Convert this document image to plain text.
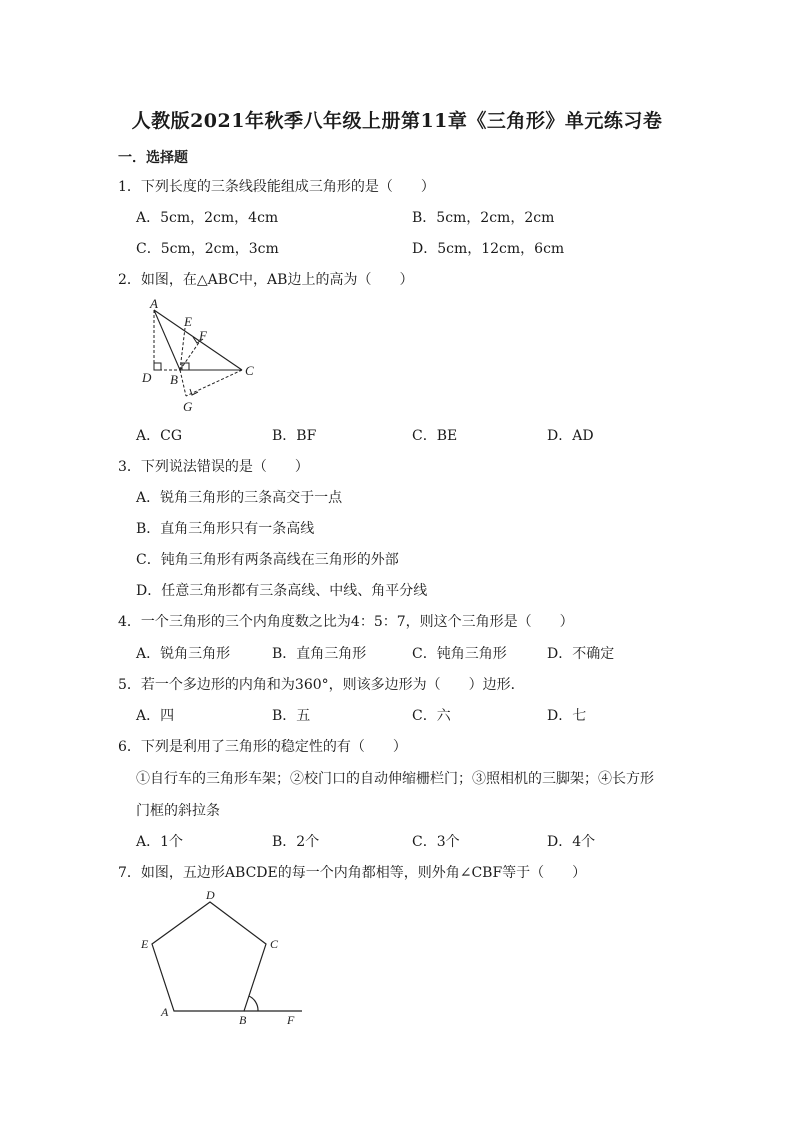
人教版2021年秋季八年级上册第11章《三角形》单元练习卷
一．选择题
1．下列长度的三条线段能组成三角形的是（　　）
A．5cm，2cm，4cm	B．5cm，2cm，2cm
C．5cm，2cm，3cm	D．5cm，12cm，6cm
2．如图，在△ABC中，AB边上的高为（　　）
A
E
F
D B
C
G
A．CG	B．BF	C．BE	D．AD
3．下列说法错误的是（　　）
A．锐角三角形的三条高交于一点
B．直角三角形只有一条高线
C．钝角三角形有两条高线在三角形的外部
D．任意三角形都有三条高线、中线、角平分线
4．一个三角形的三个内角度数之比为4：5：7，则这个三角形是（　　）
A．锐角三角形	B．直角三角形	C．钝角三角形	D．不确定
5．若一个多边形的内角和为360°，则该多边形为（　　）边形．
A．四	B．五	C．六	D．七
6．下列是利用了三角形的稳定性的有（　　）
①自行车的三角形车架；②校门口的自动伸缩栅栏门；③照相机的三脚架；④长方形
门框的斜拉条
A．1个	B．2个	C．3个	D．4个
7．如图，五边形ABCDE的每一个内角都相等，则外角∠CBF等于（　　）
D
E	C
A
B	F
